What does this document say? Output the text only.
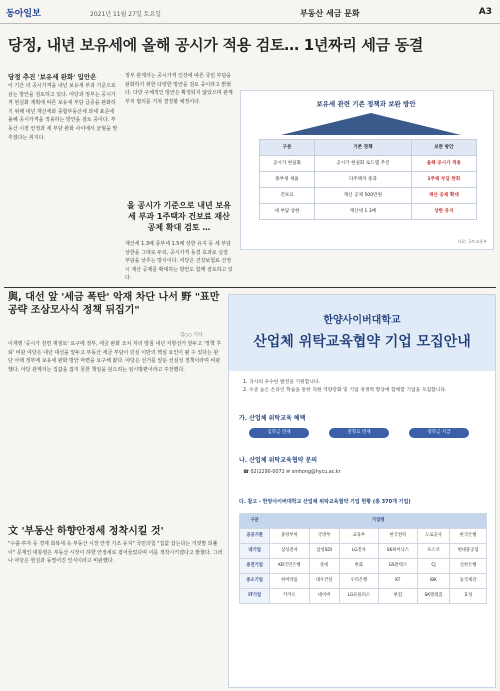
동아일보	2021년 11월 27일 토요일	부동산 세금 문화	A3
당정, 내년 보유세에 올해 공시가 적용 검토… 1년짜리 세금 동결
당정 추진 '보유세 완화' 입안은
이 기간 의 공시가격을 내년 보유세 부과 기준으로 삼는 방안을 검토하고 있다. 여당과 정부는 공시가격 현실화 계획에 따른 보유세 부담 급증을 완화하기 위해 내년 재산세와 종합부동산세 과세 표준에 올해 공시가격을 적용하는 방안을 검토 중이다. 부동산 시장 안정과 세 부담 완화 사이에서 균형을 맞추겠다는 취지다.
정부 관계자는 공시가격 인상에 따른 국민 부담을 완화하기 위한 다양한 방안을 검토 중이라고 밝혔다. 다만 구체적인 방안은 확정되지 않았으며 관계부처 협의를 거쳐 결정할 예정이다.
올 공시가 기준으로 내년 보유세 부과 1주택자 건보료 재산공제 확대 검토 …
재산세 1.3배 종부세 1.5배 상한 유지 등 세 부담 상한을 그대로 두되, 공시가격 동결 효과로 실질 부담을 낮추는 방식이다. 여당은 건강보험료 산정 시 재산 공제를 확대하는 방안도 함께 검토하고 있다.
보유세 관련 기존 정책과 보완 방안
구분	기존 정책	보완 방안
공시가 현실화	공시가 현실화 로드맵 추진	올해 공시가 적용
종부세 세율	다주택자 중과	1주택 부담 완화
건보료	재산 공제 500만원	재산 공제 확대
세 부담 상한	재산세 1.3배	상한 유지
자료: 국토교통부
與, 대선 앞 '세금 폭탄' 악재 차단 나서 野 "표만 공략 조삼모사식 정책 뒤집기"
김○○ 기자
이재명 '공시가 전면 재점토' 요구에 정부, 세금 완화 조치 처리 방침 내년 지방선거 앞두고 '정책 후퇴' 비판 여당은 내년 대선을 앞두고 부동산 세금 부담이 민심 이반의 핵심 요인이 될 수 있다는 판단 아래 정부에 보유세 완화 방안 마련을 요구해 왔다. 야당은 선거를 앞둔 선심성 정책이라며 비판했다. 야당 관계자는 집값을 잡지 못한 책임을 덮으려는 임시방편이라고 주장했다.
文 '부동산 하향안정세 정착시킬 것'
"수출·투자 등 경제 회복세 속 부동산 시장 안정 기조 유지" 국민의힘 "집값 잡는다는 거짓말 되풀이" 문재인 대통령은 부동산 시장이 하향 안정세로 접어들었다며 이를 정착시키겠다고 밝혔다. 그러나 야당은 현실과 동떨어진 인식이라고 비판했다.
한양사이버대학교
산업체 위탁교육협약 기업 모집안내
1. 귀사의 우수한 발전을 기원합니다.
2. 수준 높은 온라인 학습을 통한 직원 역량강화 및 기업 경쟁력 향상에 함께할 기업을 모집합니다.
가. 산업체 위탁교육 혜택
입학금 면제	전형료 면제	장학금 지급
나. 산업체 위탁교육협약 문의
☎ 02)2290-0072 ✉ smhong@hycu.ac.kr
다. 참고 - 한양사이버대학교 산업체 위탁교육협약 기업 현황 (총 370개 기업)
구분	기업명					
공공기관	중앙부처	국방부	교육부	한국전력	도로공사	한국은행
대기업	삼성전자	삼성SDI	LG전자	SK하이닉스	포스코	현대중공업
중견기업	KB국민은행	롯데	한화	GS칼텍스	CJ	신한은행
중소기업	한미약품	대우건설	우리은행	KT	IBK	동국제강
IT기업	카카오	네이버	LG유플러스	한컴	SK텔레콤	효성
